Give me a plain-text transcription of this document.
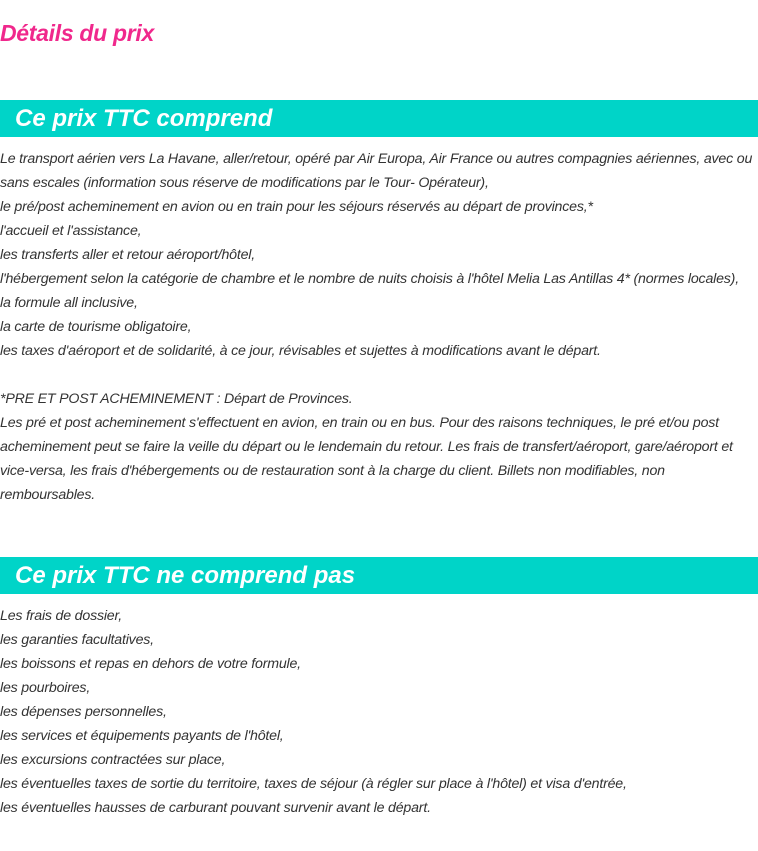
Détails du prix
Ce prix TTC comprend

Le transport aérien vers La Havane, aller/retour, opéré par Air Europa, Air France ou autres compagnies aériennes, avec ou sans escales (information sous réserve de modifications par le Tour- Opérateur),

le pré/post acheminement en avion ou en train pour les séjours réservés au départ de provinces,*

l'accueil et l'assistance,

les transferts aller et retour aéroport/hôtel,

l'hébergement selon la catégorie de chambre et le nombre de nuits choisis à l'hôtel Melia Las Antillas 4* (normes locales),

la formule all inclusive,

la carte de tourisme obligatoire,

les taxes d'aéroport et de solidarité, à ce jour, révisables et sujettes à modifications avant le départ.

*PRE ET POST ACHEMINEMENT : Départ de Provinces.

Les pré et post acheminement s'effectuent en avion, en train ou en bus. Pour des raisons techniques, le pré et/ou post acheminement peut se faire la veille du départ ou le lendemain du retour. Les frais de transfert/aéroport, gare/aéroport et vice-versa, les frais d'hébergements ou de restauration sont à la charge du client. Billets non modifiables, non remboursables.

Ce prix TTC ne comprend pas

Les frais de dossier,

les garanties facultatives,

les boissons et repas en dehors de votre formule,

les pourboires,

les dépenses personnelles,

les services et équipements payants de l'hôtel,

les excursions contractées sur place,

les éventuelles taxes de sortie du territoire, taxes de séjour (à régler sur place à l'hôtel) et visa d'entrée,

les éventuelles hausses de carburant pouvant survenir avant le départ.
